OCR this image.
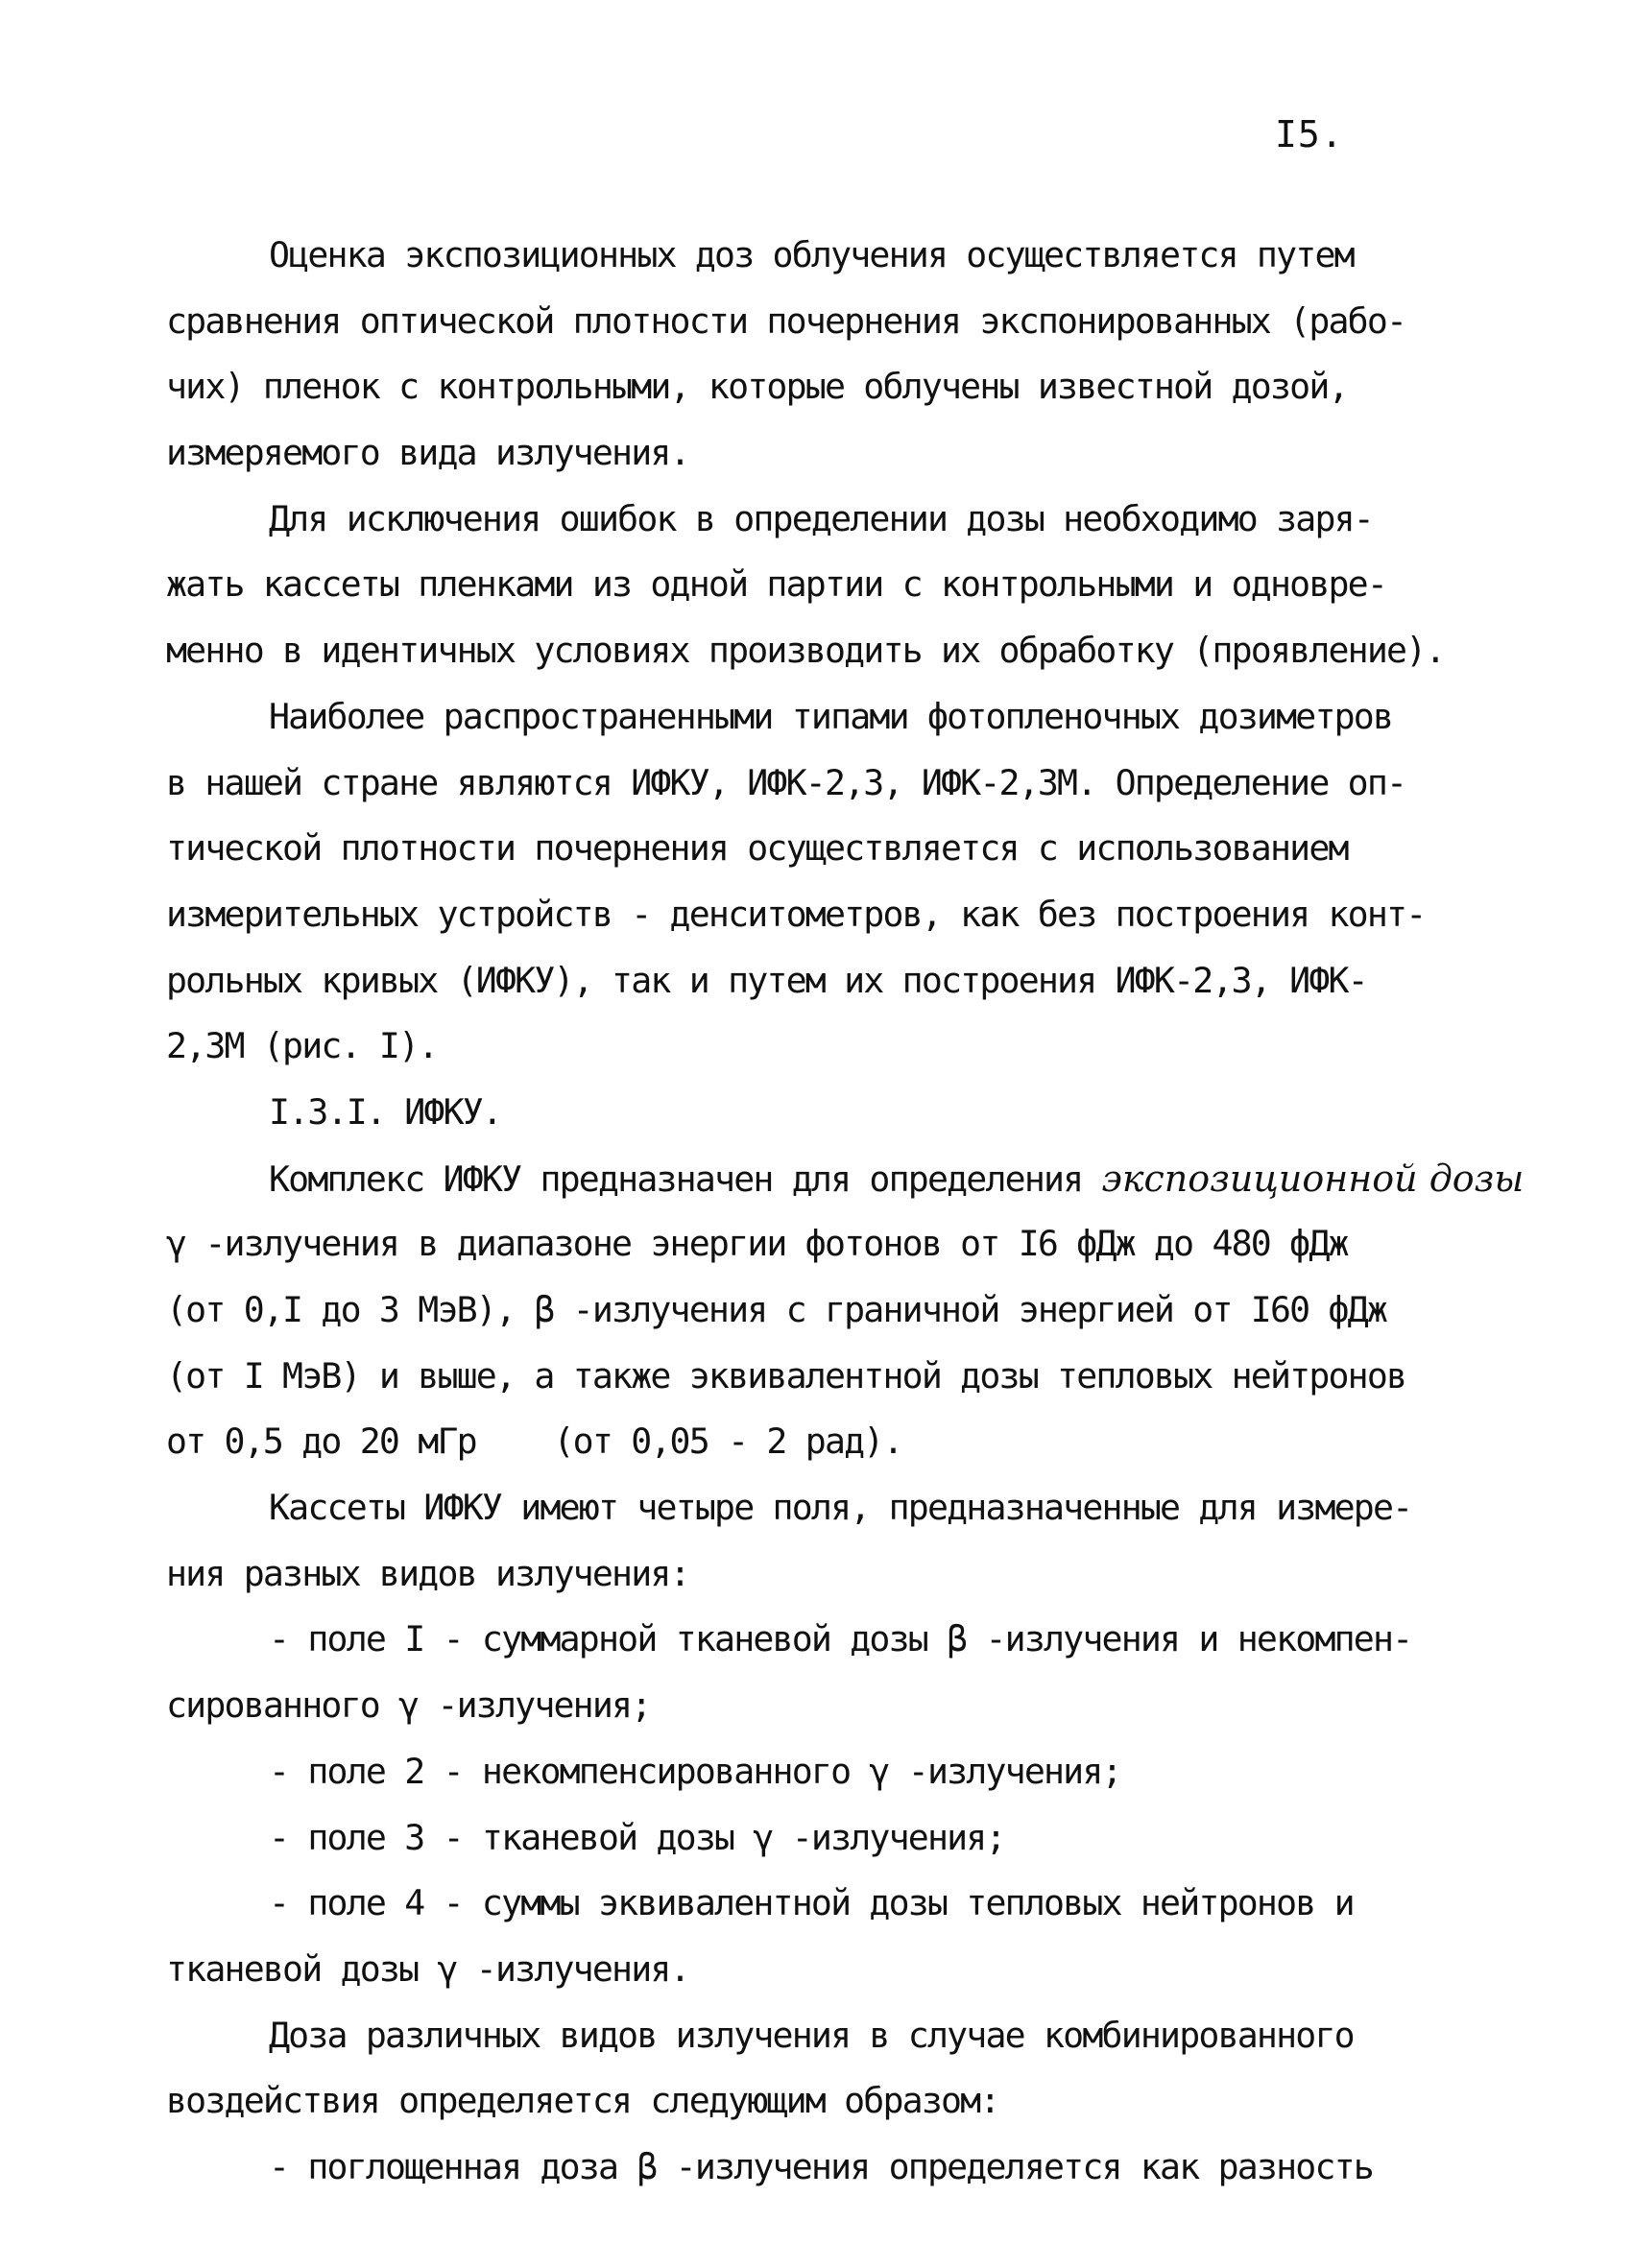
I5.
Оценка экспозиционных доз облучения осуществляется путем
сравнения оптической плотности почернения экспонированных (рабо-
чих) пленок с контрольными, которые облучены известной дозой,
измеряемого вида излучения.
Для исключения ошибок в определении дозы необходимо заря-
жать кассеты пленками из одной партии с контрольными и одновре-
менно в идентичных условиях производить их обработку (проявление).
Наиболее распространенными типами фотопленочных дозиметров
в нашей стране являются ИФКУ, ИФК-2,3, ИФК-2,3М. Определение оп-
тической плотности почернения осуществляется с использованием
измерительных устройств - денситометров, как без построения конт-
рольных кривых (ИФКУ), так и путем их построения ИФК-2,3, ИФК-
2,3М (рис. I).
I.3.I. ИФКУ.
Комплекс ИФКУ предназначен для определения экспозиционной дозы
γ -излучения в диапазоне энергии фотонов от I6 фДж до 480 фДж
(от 0,I до 3 МэВ), β -излучения с граничной энергией от I60 фДж
(от I МэВ) и выше, а также эквивалентной дозы тепловых нейтронов
от 0,5 до 20 мГр    (от 0,05 - 2 рад).
Кассеты ИФКУ имеют четыре поля, предназначенные для измере-
ния разных видов излучения:
- поле I - суммарной тканевой дозы β -излучения и некомпен-
сированного γ -излучения;
- поле 2 - некомпенсированного γ -излучения;
- поле 3 - тканевой дозы γ -излучения;
- поле 4 - суммы эквивалентной дозы тепловых нейтронов и
тканевой дозы γ -излучения.
Доза различных видов излучения в случае комбинированного
воздействия определяется следующим образом:
- поглощенная доза β -излучения определяется как разность
